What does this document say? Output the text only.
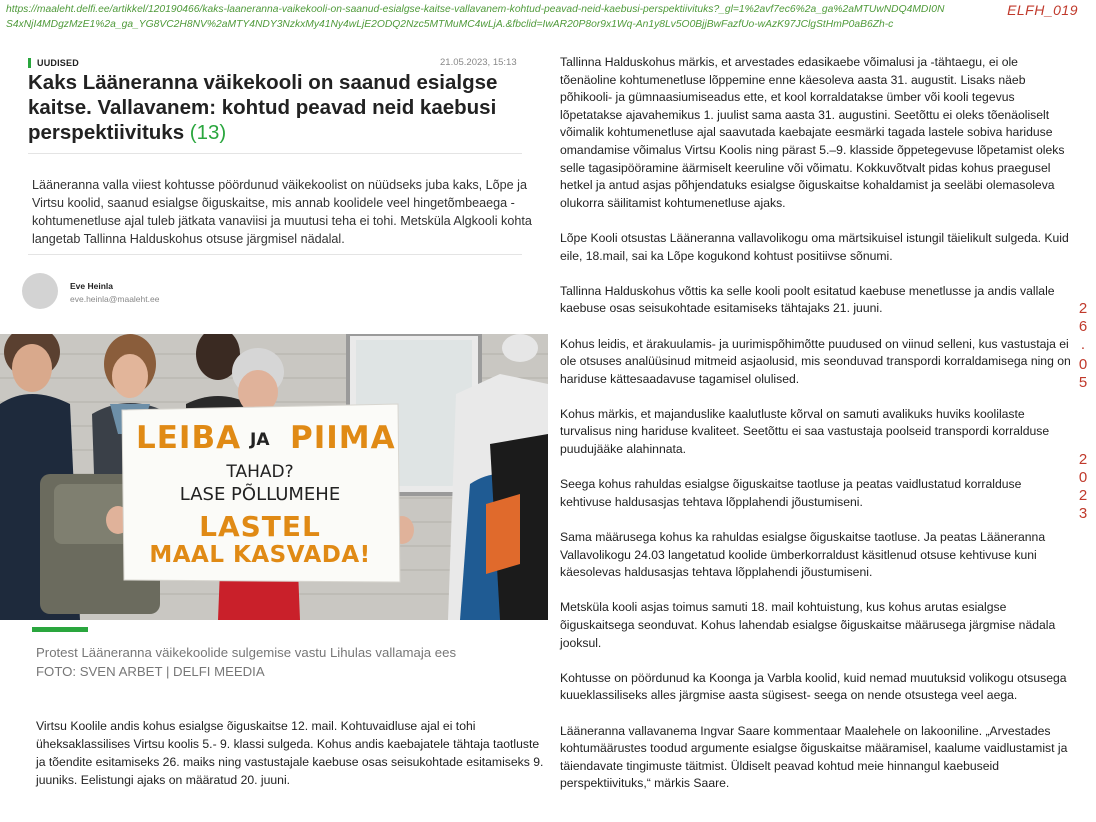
https://maaleht.delfi.ee/artikkel/120190466/kaks-laaneranna-vaikekooli-on-saanud-esialgse-kaitse-vallavanem-kohtud-peavad-neid-kaebusi-perspektiivituks?_gl=1%2avf7ec6%2a_ga%2aMTUwNDQ4MDI0NS4xNjI4MDgzMzE1%2a_ga_YG8VC2H8NV%2aMTY4NDY3NzkxMy41Ny4wLjE2ODQ2Nzc5MTMuMC4wLjA.&fbclid=IwAR20P8or9x1Wq-An1y8Lv5O0BjjBwFazfUo-wAzK97JClgStHmP0aB6Zh-c
ELFH_019
2
6
.
0
5
2
0
2
3
UUDISED	21.05.2023, 15:13
Kaks Lääneranna väikekooli on saanud esialgse kaitse. Vallavanem: kohtud peavad neid kaebusi perspektiivituks (13)

Lääneranna valla viiest kohtusse pöördunud väikekoolist on nüüdseks juba kaks, Lõpe ja Virtsu koolid, saanud esialgse õiguskaitse, mis annab koolidele veel hingetõmbeaega - kohtumenetluse ajal tuleb jätkata vanaviisi ja muutusi teha ei tohi. Metsküla Algkooli kohta langetab Tallinna Halduskohus otsuse järgmisel nädalal.

Eve Heinla
eve.heinla@maaleht.ee
LEIBA JA PIIMA
TAHAD?
LASE PÕLLUMEHE
LASTEL
MAAL KASVADA!
Protest Lääneranna väikekoolide sulgemise vastu Lihulas vallamaja ees
FOTO: SVEN ARBET | DELFI MEEDIA

Virtsu Koolile andis kohus esialgse õiguskaitse 12. mail. Kohtuvaidluse ajal ei tohi üheksaklassilises Virtsu koolis 5.- 9. klassi sulgeda. Kohus andis kaebajatele tähtaja taotluste ja tõendite esitamiseks 26. maiks ning vastustajale kaebuse osas seisukohtade esitamiseks 9. juuniks. Eelistungi ajaks on määratud 20. juuni.

Tallinna Halduskohus märkis, et arvestades edasikaebe võimalusi ja -tähtaegu, ei ole tõenäoline kohtumenetluse lõppemine enne käesoleva aasta 31. augustit. Lisaks näeb põhikooli- ja gümnaasiumiseadus ette, et kool korraldatakse ümber või kooli tegevus lõpetatakse ajavahemikus 1. juulist sama aasta 31. augustini. Seetõttu ei oleks tõenäoliselt võimalik kohtumenetluse ajal saavutada kaebajate eesmärki tagada lastele sobiva hariduse omandamise võimalus Virtsu Koolis ning pärast 5.–9. klasside õppetegevuse lõpetamist oleks selle tagasipööramine äärmiselt keeruline või võimatu. Kokkuvõtvalt pidas kohus praegusel hetkel ja antud asjas põhjendatuks esialgse õiguskaitse kohaldamist ja seeläbi olemasoleva olukorra säilitamist kohtumenetluse ajaks.

Lõpe Kooli otsustas Lääneranna vallavolikogu oma märtsikuisel istungil täielikult sulgeda. Kuid eile, 18.mail, sai ka Lõpe kogukond kohtust positiivse sõnumi.

Tallinna Halduskohus võttis ka selle kooli poolt esitatud kaebuse menetlusse ja andis vallale kaebuse osas seisukohtade esitamiseks tähtajaks 21. juuni.

Kohus leidis, et ärakuulamis- ja uurimispõhimõtte puudused on viinud selleni, kus vastustaja ei ole otsuses analüüsinud mitmeid asjaolusid, mis seonduvad transpordi korraldamisega ning on hariduse kättesaadavuse tagamisel olulised.

Kohus märkis, et majanduslike kaalutluste kõrval on samuti avalikuks huviks koolilaste turvalisus ning hariduse kvaliteet. Seetõttu ei saa vastustaja poolseid transpordi korralduse puudujääke alahinnata.

Seega kohus rahuldas esialgse õiguskaitse taotluse ja peatas vaidlustatud korralduse kehtivuse haldusasjas tehtava lõpplahendi jõustumiseni.

Sama määrusega kohus ka rahuldas esialgse õiguskaitse taotluse. Ja peatas Lääneranna Vallavolikogu 24.03 langetatud koolide ümberkorraldust käsitlenud otsuse kehtivuse kuni käesolevas haldusasjas tehtava lõpplahendi jõustumiseni.

Metsküla kooli asjas toimus samuti 18. mail kohtuistung, kus kohus arutas esialgse õiguskaitsega seonduvat. Kohus lahendab esialgse õiguskaitse määrusega järgmise nädala jooksul.

Kohtusse on pöördunud ka Koonga ja Varbla koolid, kuid nemad muutuksid volikogu otsusega kuueklassiliseks alles järgmise aasta sügisest- seega on nende otsustega veel aega.

Lääneranna vallavanema Ingvar Saare kommentaar Maalehele on lakooniline. „Arvestades kohtumäärustes toodud argumente esialgse õiguskaitse määramisel, kaalume vaidlustamist ja täiendavate tingimuste täitmist. Üldiselt peavad kohtud meie hinnangul kaebuseid perspektiivituks,“ märkis Saare.
